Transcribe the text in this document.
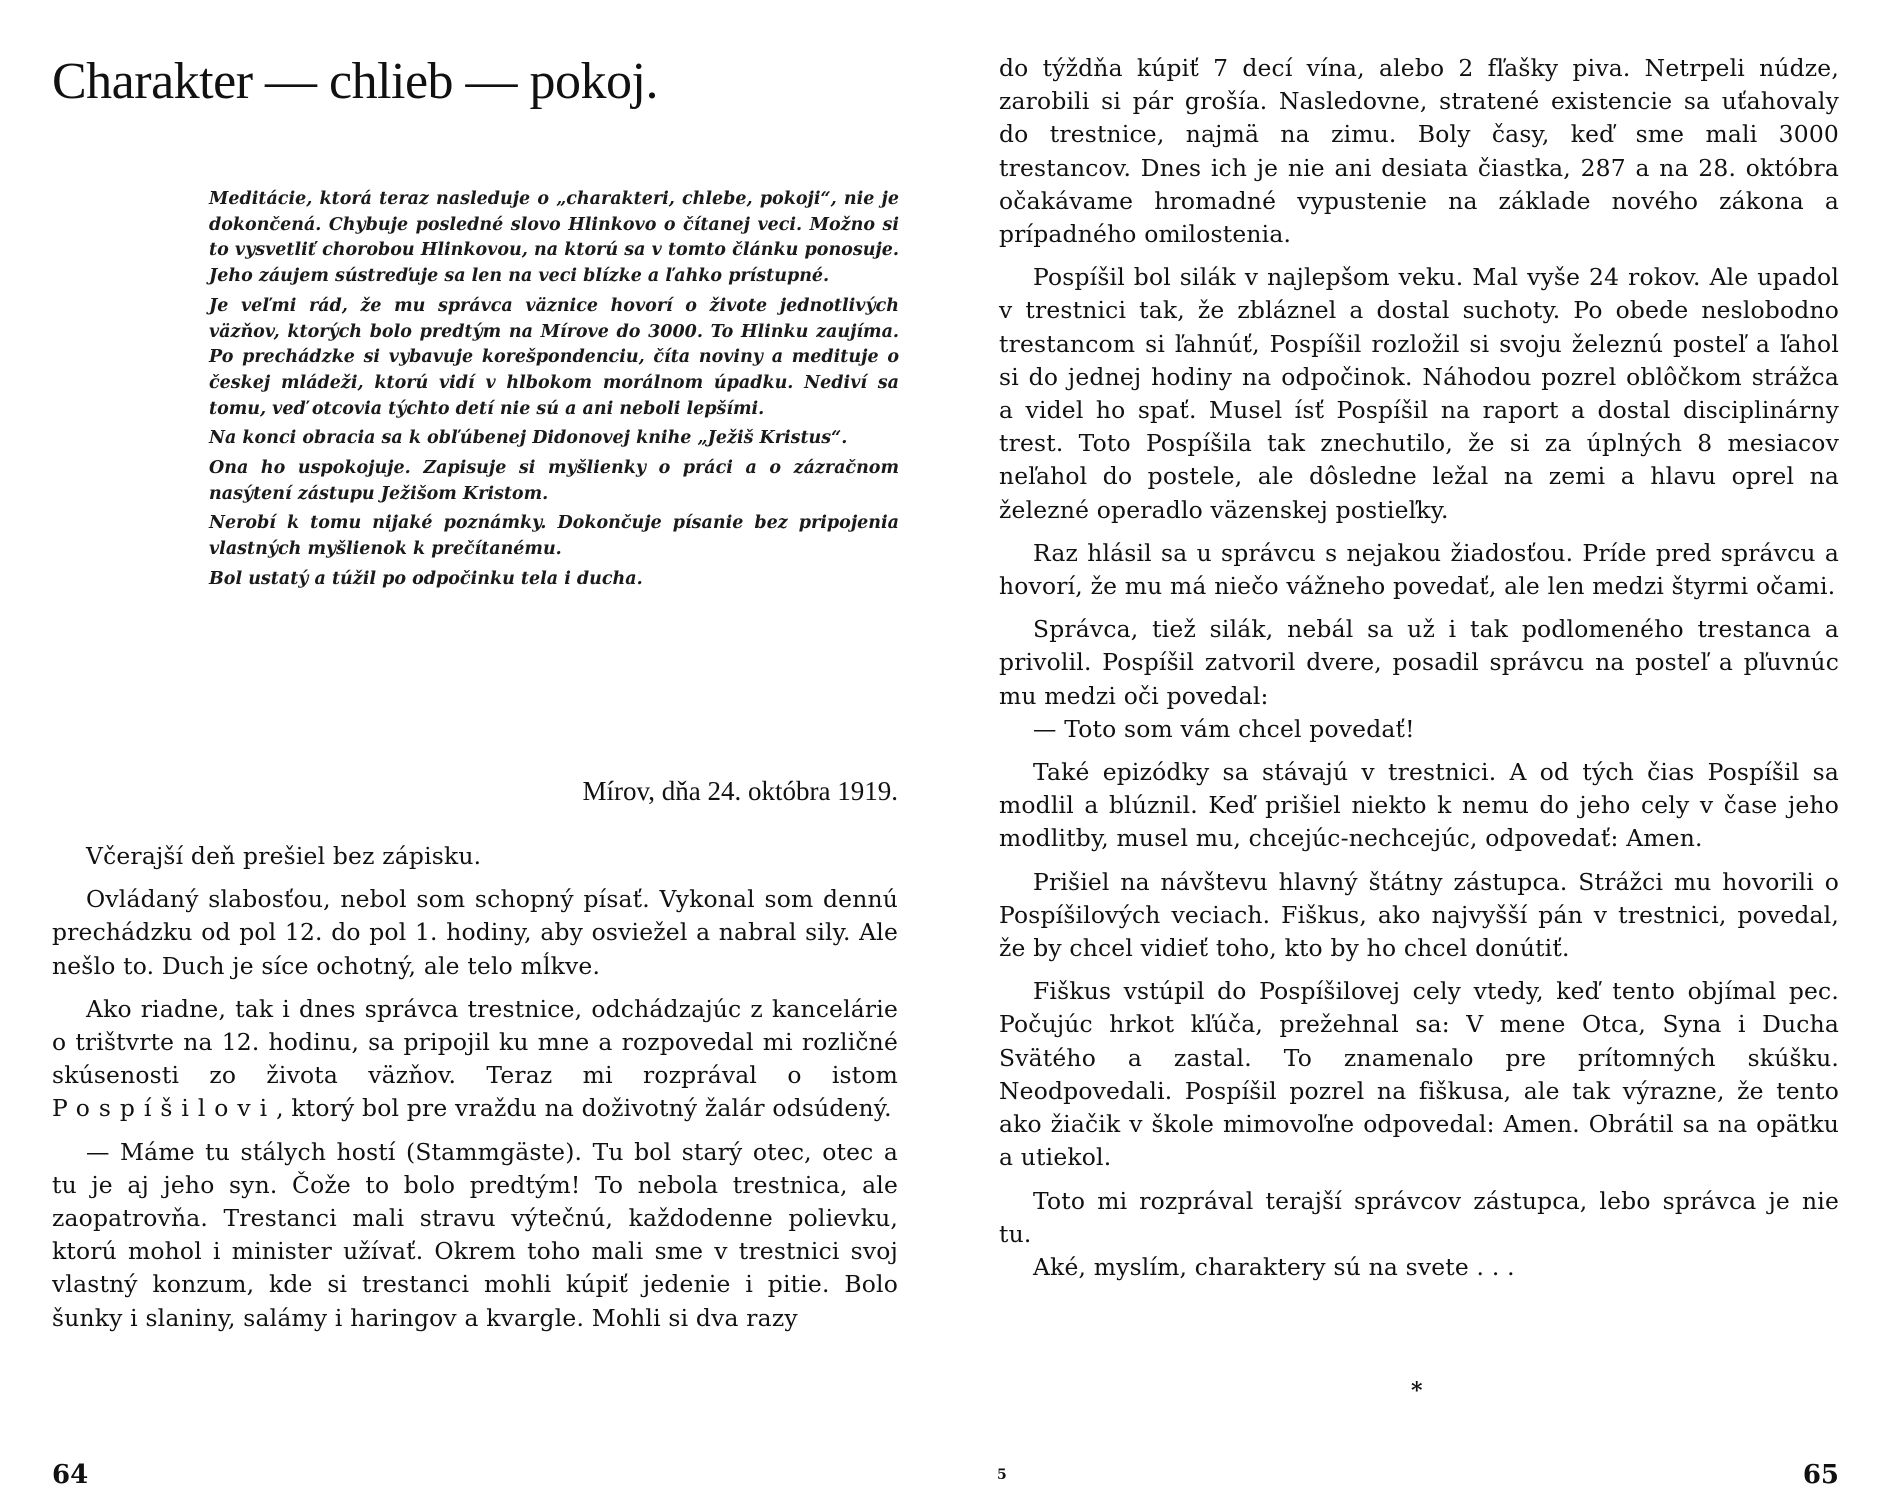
Charakter — chlieb — pokoj.

Meditácie, ktorá teraz nasleduje o „charakteri, chlebe, pokoji“, nie je dokončená. Chybuje posledné slovo Hlinkovo o čítanej veci. Možno si to vysvetliť chorobou Hlinkovou, na ktorú sa v tomto článku ponosuje. Jeho záujem sústreďuje sa len na veci blízke a ľahko prístupné.

Je veľmi rád, že mu správca väznice hovorí o živote jednotlivých väzňov, ktorých bolo predtým na Mírove do 3000. To Hlinku zaujíma. Po prechádzke si vybavuje korešpondenciu, číta noviny a medituje o českej mládeži, ktorú vidí v hlbokom morálnom úpadku. Nediví sa tomu, veď otcovia týchto detí nie sú a ani neboli lepšími.

Na konci obracia sa k obľúbenej Didonovej knihe „Ježiš Kristus“.

Ona ho uspokojuje. Zapisuje si myšlienky o práci a o zázračnom nasýtení zástupu Ježišom Kristom.

Nerobí k tomu nijaké poznámky. Dokončuje písanie bez pripojenia vlastných myšlienok k prečítanému.

Bol ustatý a túžil po odpočinku tela i ducha.

Mírov, dňa 24. októbra 1919.

Včerajší deň prešiel bez zápisku.

Ovládaný slabosťou, nebol som schopný písať. Vykonal som dennú prechádzku od pol 12. do pol 1. hodiny, aby osviežel a nabral sily. Ale nešlo to. Duch je síce ochotný, ale telo mĺkve.

Ako riadne, tak i dnes správca trestnice, odchádzajúc z kancelárie o trištvrte na 12. hodinu, sa pripojil ku mne a rozpovedal mi rozličné skúsenosti zo života väzňov. Teraz mi rozprával o istom Pospíšilovi, ktorý bol pre vraždu na doživotný žalár odsúdený.

— Máme tu stálych hostí (Stammgäste). Tu bol starý otec, otec a tu je aj jeho syn. Čože to bolo predtým! To nebola trestnica, ale zaopatrovňa. Trestanci mali stravu výtečnú, každodenne polievku, ktorú mohol i minister užívať. Okrem toho mali sme v trestnici svoj vlastný konzum, kde si trestanci mohli kúpiť jedenie i pitie. Bolo šunky i slaniny, salámy i haringov a kvargle. Mohli si dva razy

64

do týždňa kúpiť 7 decí vína, alebo 2 fľašky piva. Netrpeli núdze, zarobili si pár grošía. Nasledovne, stratené existencie sa uťahovaly do trestnice, najmä na zimu. Boly časy, keď sme mali 3000 trestancov. Dnes ich je nie ani desiata čiastka, 287 a na 28. októbra očakávame hromadné vypustenie na základe nového zákona a prípadného omilostenia.

Pospíšil bol silák v najlepšom veku. Mal vyše 24 rokov. Ale upadol v trestnici tak, že zbláznel a dostal suchoty. Po obede neslobodno trestancom si ľahnúť, Pospíšil rozložil si svoju železnú posteľ a ľahol si do jednej hodiny na odpočinok. Náhodou pozrel oblôčkom strážca a videl ho spať. Musel ísť Pospíšil na raport a dostal disciplinárny trest. Toto Pospíšila tak znechutilo, že si za úplných 8 mesiacov neľahol do postele, ale dôsledne ležal na zemi a hlavu oprel na železné operadlo väzenskej postieľky.

Raz hlásil sa u správcu s nejakou žiadosťou. Príde pred správcu a hovorí, že mu má niečo vážneho povedať, ale len medzi štyrmi očami.

Správca, tiež silák, nebál sa už i tak podlomeného trestanca a privolil. Pospíšil zatvoril dvere, posadil správcu na posteľ a pľuvnúc mu medzi oči povedal:

— Toto som vám chcel povedať!

Také epizódky sa stávajú v trestnici. A od tých čias Pospíšil sa modlil a blúznil. Keď prišiel niekto k nemu do jeho cely v čase jeho modlitby, musel mu, chcejúc-nechcejúc, odpovedať: Amen.

Prišiel na návštevu hlavný štátny zástupca. Strážci mu hovorili o Pospíšilových veciach. Fiškus, ako najvyšší pán v trestnici, povedal, že by chcel vidieť toho, kto by ho chcel donútiť.

Fiškus vstúpil do Pospíšilovej cely vtedy, keď tento objímal pec. Počujúc hrkot kľúča, prežehnal sa: V mene Otca, Syna i Ducha Svätého a zastal. To znamenalo pre prítomných skúšku. Neodpovedali. Pospíšil pozrel na fiškusa, ale tak výrazne, že tento ako žiačik v škole mimovoľne odpovedal: Amen. Obrátil sa na opätku a utiekol.

Toto mi rozprával terajší správcov zástupca, lebo správca je nie tu.

Aké, myslím, charaktery sú na svete . . .

*
65
5
